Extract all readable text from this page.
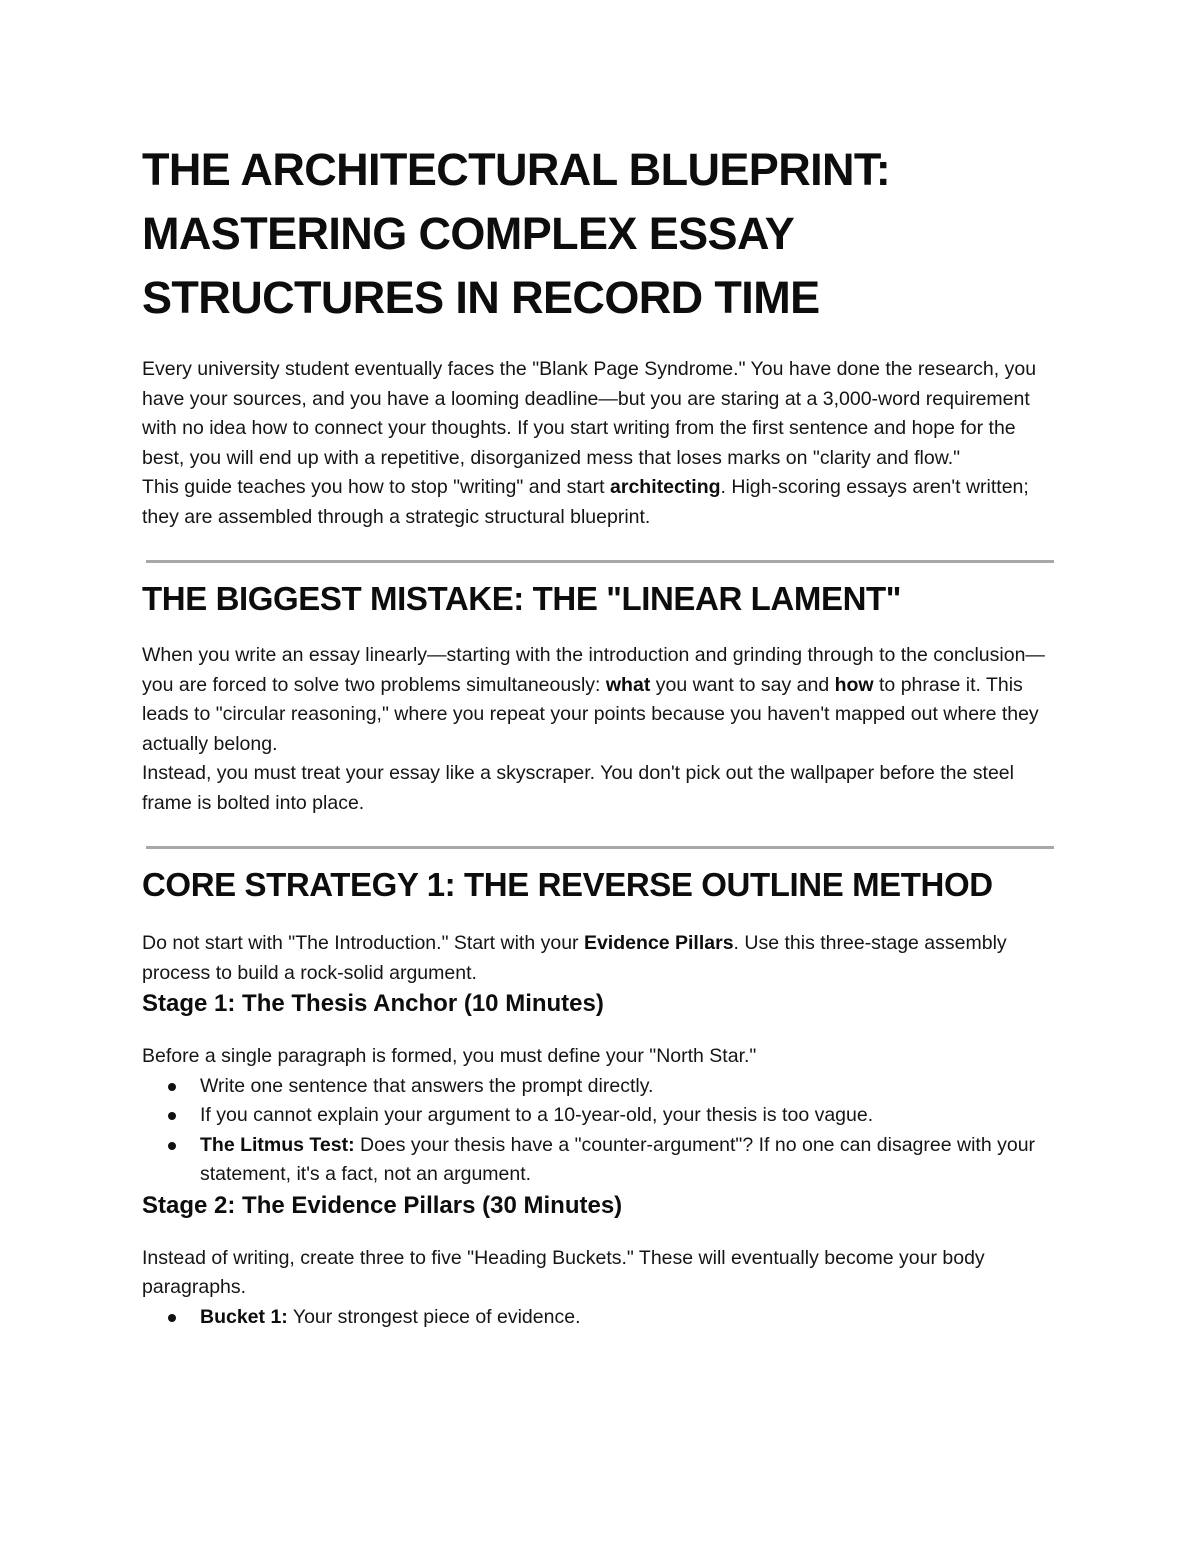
THE ARCHITECTURAL BLUEPRINT:
MASTERING COMPLEX ESSAY
STRUCTURES IN RECORD TIME

Every university student eventually faces the "Blank Page Syndrome." You have done the research, you have your sources, and you have a looming deadline—but you are staring at a 3,000-word requirement with no idea how to connect your thoughts. If you start writing from the first sentence and hope for the best, you will end up with a repetitive, disorganized mess that loses marks on "clarity and flow."

This guide teaches you how to stop "writing" and start architecting. High-scoring essays aren't written; they are assembled through a strategic structural blueprint.

THE BIGGEST MISTAKE: THE "LINEAR LAMENT"

When you write an essay linearly—starting with the introduction and grinding through to the conclusion—you are forced to solve two problems simultaneously: what you want to say and how to phrase it. This leads to "circular reasoning," where you repeat your points because you haven't mapped out where they actually belong.

Instead, you must treat your essay like a skyscraper. You don't pick out the wallpaper before the steel frame is bolted into place.

CORE STRATEGY 1: THE REVERSE OUTLINE METHOD

Do not start with "The Introduction." Start with your Evidence Pillars. Use this three-stage assembly process to build a rock-solid argument.

Stage 1: The Thesis Anchor (10 Minutes)

Before a single paragraph is formed, you must define your "North Star."

Write one sentence that answers the prompt directly.
If you cannot explain your argument to a 10-year-old, your thesis is too vague.
The Litmus Test: Does your thesis have a "counter-argument"? If no one can disagree with your statement, it's a fact, not an argument.
Stage 2: The Evidence Pillars (30 Minutes)

Instead of writing, create three to five "Heading Buckets." These will eventually become your body paragraphs.

Bucket 1: Your strongest piece of evidence.
